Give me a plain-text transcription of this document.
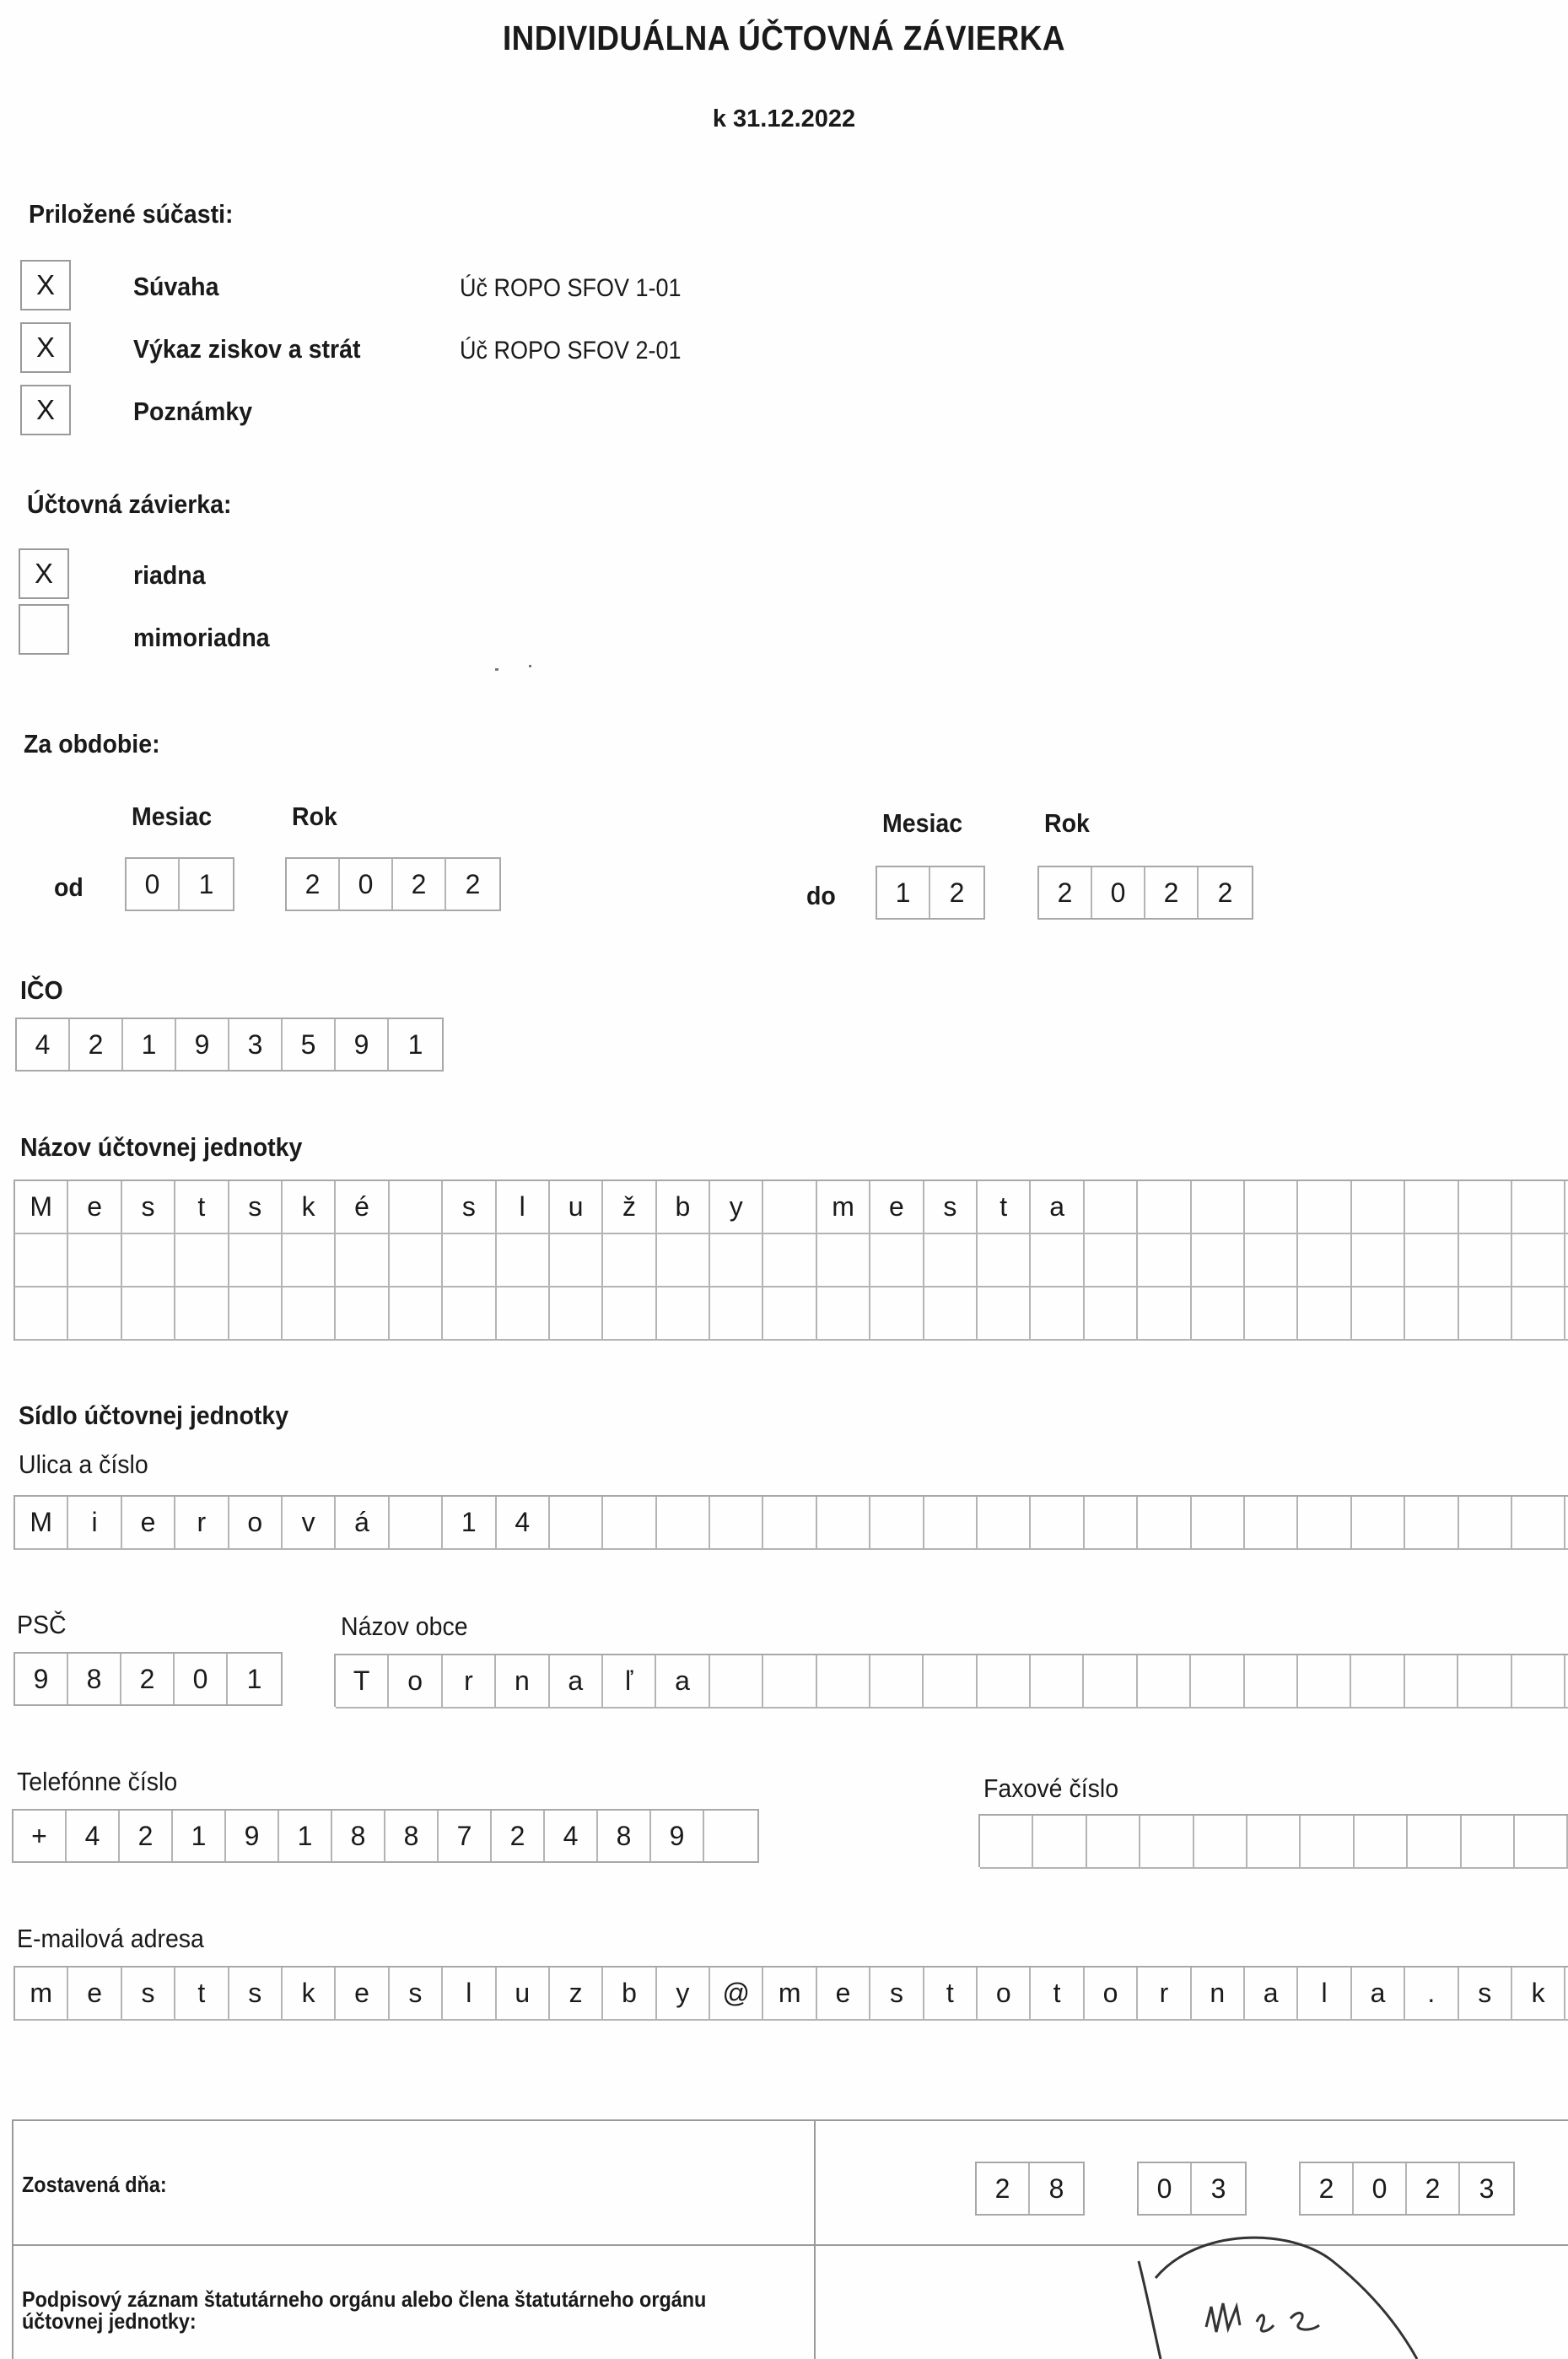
INDIVIDUÁLNA ÚČTOVNÁ ZÁVIERKA
k 31.12.2022
Priložené súčasti:
X	Súvaha	Úč ROPO SFOV 1-01
X	Výkaz ziskov a strát	Úč ROPO SFOV 2-01
X	Poznámky
Účtovná závierka:
X	riadna
mimoriadna
Za obdobie:
Mesiac	Rok
od	0	1	2	0	2	2
Mesiac	Rok
do	1	2	2	0	2	2
IČO
4	2	1	9	3	5	9	1
Názov účtovnej jednotky
M	e	s	t	s	k	é	s	l	u	ž	b	y	m	e	s	t	a
Sídlo účtovnej jednotky
Ulica a číslo
M	i	e	r	o	v	á	1	4
PSČ
9	8	2	0	1
Názov obce
T	o	r	n	a	ľ	a
Telefónne číslo
+	4	2	1	9	1	8	8	7	2	4	8	9
Faxové číslo
E-mailová adresa
m	e	s	t	s	k	e	s	l	u	z	b	y	@	m	e	s	t	o	t	o	r	n	a	l	a	.	s	k
Zostavená dňa:	2	8	0	3	2	0	2	3
Podpisový záznam štatutárneho orgánu alebo člena štatutárneho orgánu
účtovnej jednotky:
